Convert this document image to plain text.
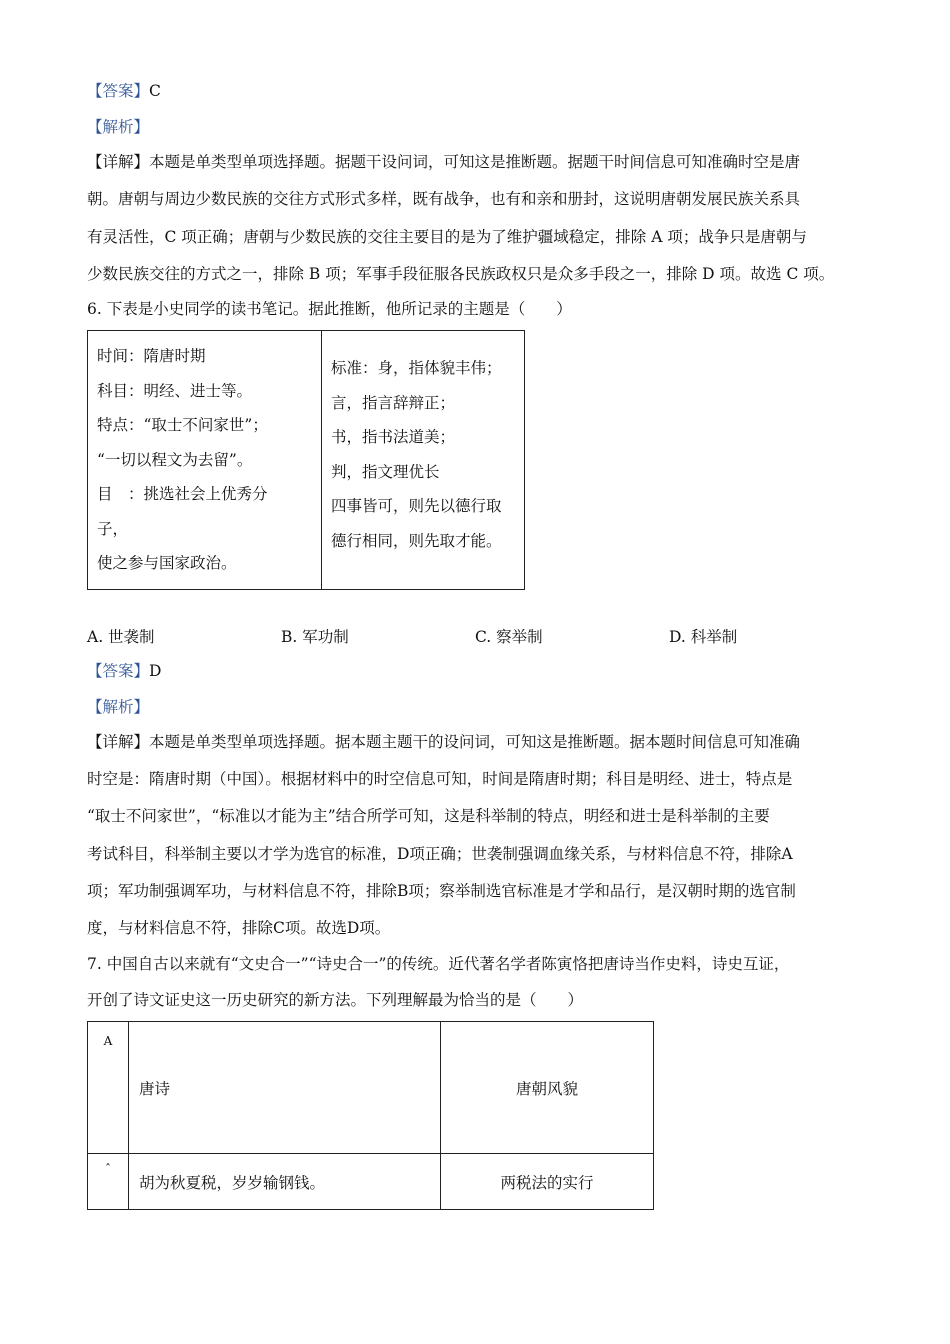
【答案】C
【解析】
【详解】本题是单类型单项选择题。据题干设问词，可知这是推断题。据题干时间信息可知准确时空是唐
朝。唐朝与周边少数民族的交往方式形式多样，既有战争，也有和亲和册封，这说明唐朝发展民族关系具
有灵活性，C 项正确；唐朝与少数民族的交往主要目的是为了维护疆域稳定，排除 A 项；战争只是唐朝与
少数民族交往的方式之一，排除 B 项；军事手段征服各民族政权只是众多手段之一，排除 D 项。故选 C 项。
6. 下表是小史同学的读书笔记。据此推断，他所记录的主题是（　　）
时间：隋唐时期
科目：明经、进士等。
特点：“取士不问家世”；
“一切以程文为去留”。
目　：挑选社会上优秀分
子，
使之参与国家政治。

标准：身，指体貌丰伟；
言，指言辞辩正；
书，指书法道美；
判，指文理优长
四事皆可，则先以德行取
德行相同，则先取才能。
A. 世袭制	B. 军功制	C. 察举制	D. 科举制
【答案】D
【解析】
【详解】本题是单类型单项选择题。据本题主题干的设问词，可知这是推断题。据本题时间信息可知准确
时空是：隋唐时期（中国）。根据材料中的时空信息可知，时间是隋唐时期；科目是明经、进士，特点是
“取士不问家世”，“标准以才能为主”结合所学可知，这是科举制的特点，明经和进士是科举制的主要
考试科目，科举制主要以才学为选官的标准，D项正确；世袭制强调血缘关系，与材料信息不符，排除A
项；军功制强调军功，与材料信息不符，排除B项；察举制选官标准是才学和品行，是汉朝时期的选官制
度，与材料信息不符，排除C项。故选D项。
7. 中国自古以来就有“文史合一”“诗史合一”的传统。近代著名学者陈寅恪把唐诗当作史料，诗史互证，
开创了诗文证史这一历史研究的新方法。下列理解最为恰当的是（　　）
A	唐诗	唐朝风貌
ˆ	胡为秋夏税，岁岁输钢钱。	两税法的实行
